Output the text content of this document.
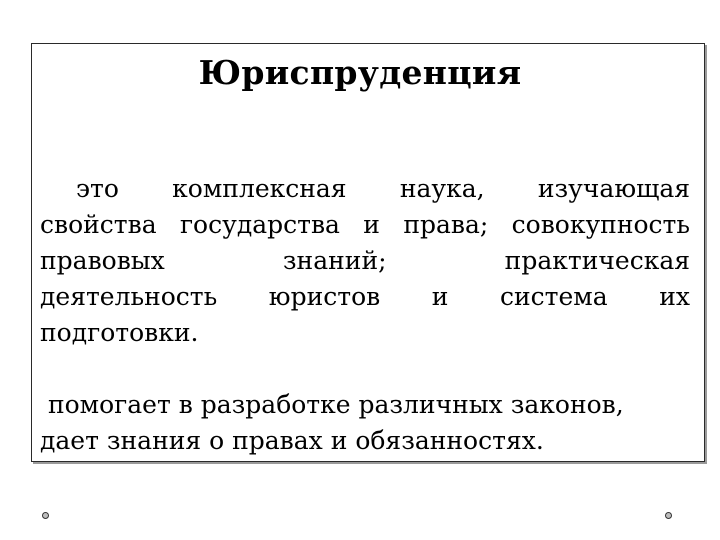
Юриспруденция
это комплексная наука, изучающая
свойства государства и права; совокупность
правовых знаний; практическая
деятельность юристов и система их
подготовки.
помогает в разработке различных законов,
дает знания о правах и обязанностях.
